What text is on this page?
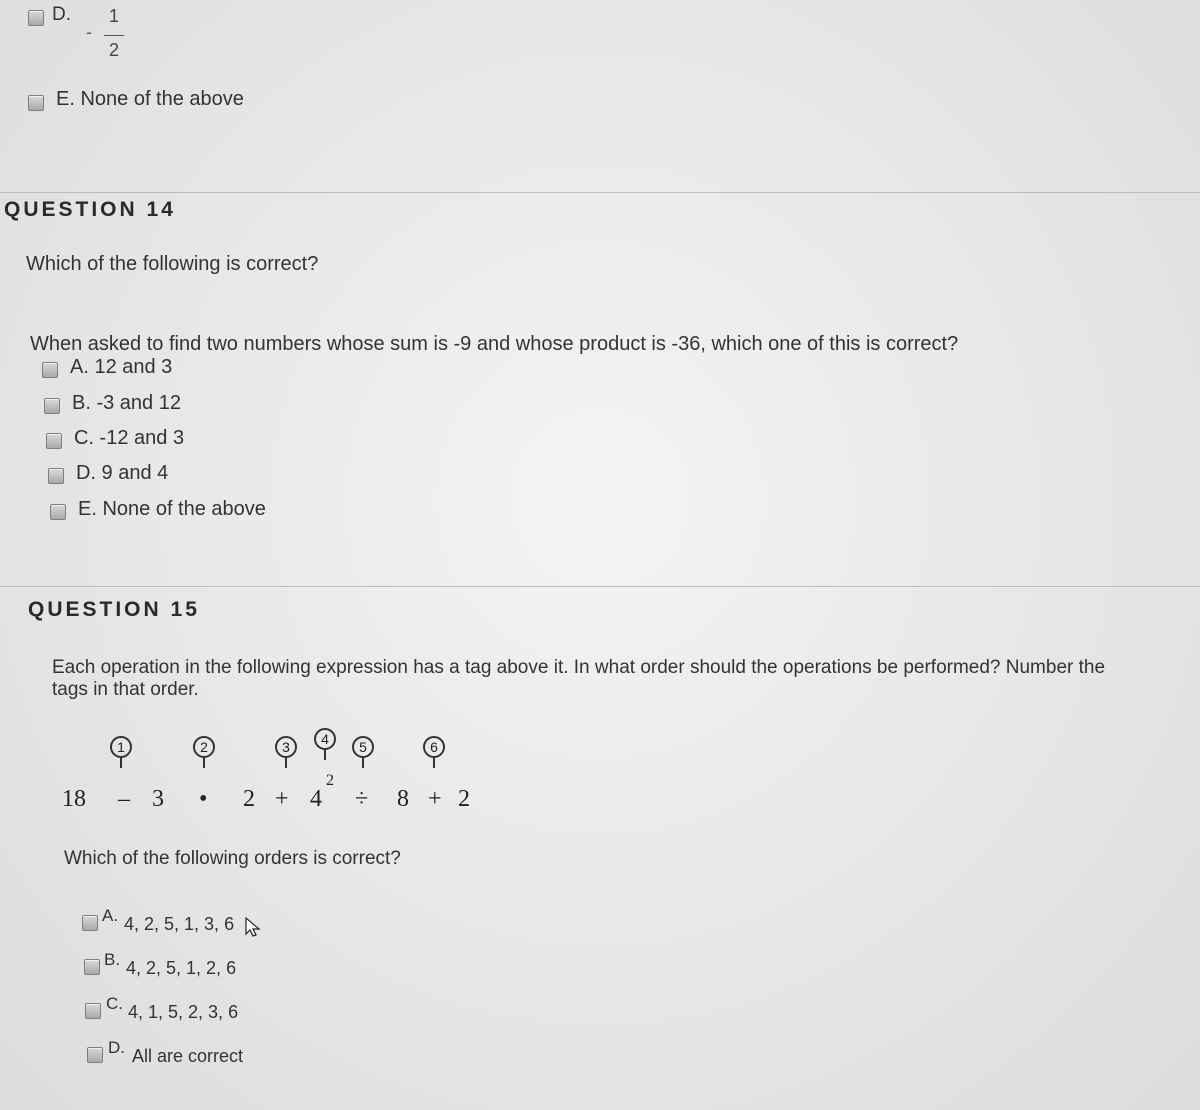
D.
-
1
2
E. None of the above
QUESTION 14
Which of the following is correct?
When asked to find two numbers whose sum is -9 and whose product is -36, which one of this is correct?
A. 12 and 3
B. -3 and 12
C. -12 and 3
D. 9 and 4
E. None of the above
QUESTION 15
Each operation in the following expression has a tag above it. In what order should the operations be performed? Number the
tags in that order.
1	2	3	4	5	6
18 – 3 • 2 + 4
2
÷ 8 + 2
Which of the following orders is correct?
A. 4, 2, 5, 1, 3, 6
B. 4, 2, 5, 1, 2, 6
C. 4, 1, 5, 2, 3, 6
D. All are correct
